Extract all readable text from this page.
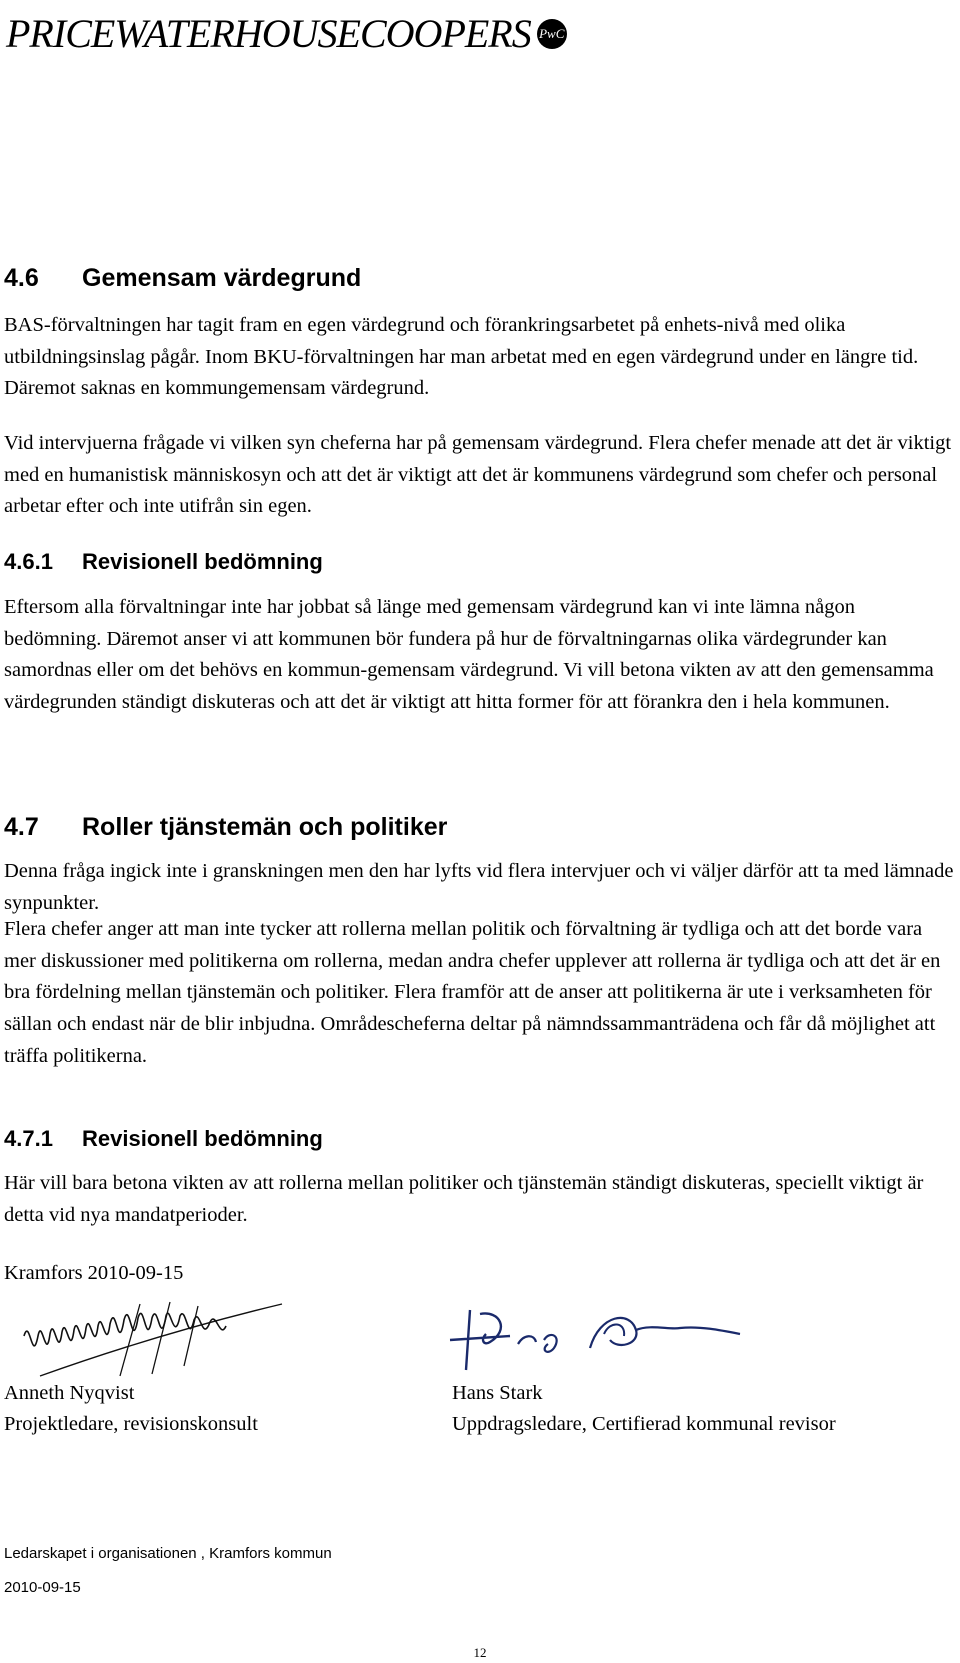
PRICEWATERHOUSECOOPERS PwC
4.6 Gemensam värdegrund

BAS-förvaltningen har tagit fram en egen värdegrund och förankringsarbetet på enhets-nivå med olika utbildningsinslag pågår. Inom BKU-förvaltningen har man arbetat med en egen värdegrund under en längre tid. Däremot saknas en kommungemensam värdegrund.

Vid intervjuerna frågade vi vilken syn cheferna har på gemensam värdegrund. Flera chefer menade att det är viktigt med en humanistisk människosyn och att det är viktigt att det är kommunens värdegrund som chefer och personal arbetar efter och inte utifrån sin egen.

4.6.1 Revisionell bedömning

Eftersom alla förvaltningar inte har jobbat så länge med gemensam värdegrund kan vi inte lämna någon bedömning. Däremot anser vi att kommunen bör fundera på hur de förvaltningarnas olika värdegrunder kan samordnas eller om det behövs en kommun-gemensam värdegrund. Vi vill betona vikten av att den gemensamma värdegrunden ständigt diskuteras och att det är viktigt att hitta former för att förankra den i hela kommunen.

4.7 Roller tjänstemän och politiker

Denna fråga ingick inte i granskningen men den har lyfts vid flera intervjuer och vi väljer därför att ta med lämnade synpunkter.

Flera chefer anger att man inte tycker att rollerna mellan politik och förvaltning är tydliga och att det borde vara mer diskussioner med politikerna om rollerna, medan andra chefer upplever att rollerna är tydliga och att det är en bra fördelning mellan tjänstemän och politiker. Flera framför att de anser att politikerna är ute i verksamheten för sällan och endast när de blir inbjudna. Områdescheferna deltar på nämndssammanträdena och får då möjlighet att träffa politikerna.

4.7.1 Revisionell bedömning

Här vill bara betona vikten av att rollerna mellan politiker och tjänstemän ständigt diskuteras, speciellt viktigt är detta vid nya mandatperioder.

Kramfors 2010-09-15

Anneth Nyqvist

Projektledare, revisionskonsult

Hans Stark

Uppdragsledare, Certifierad kommunal revisor

Ledarskapet i organisationen , Kramfors kommun

2010-09-15

12
